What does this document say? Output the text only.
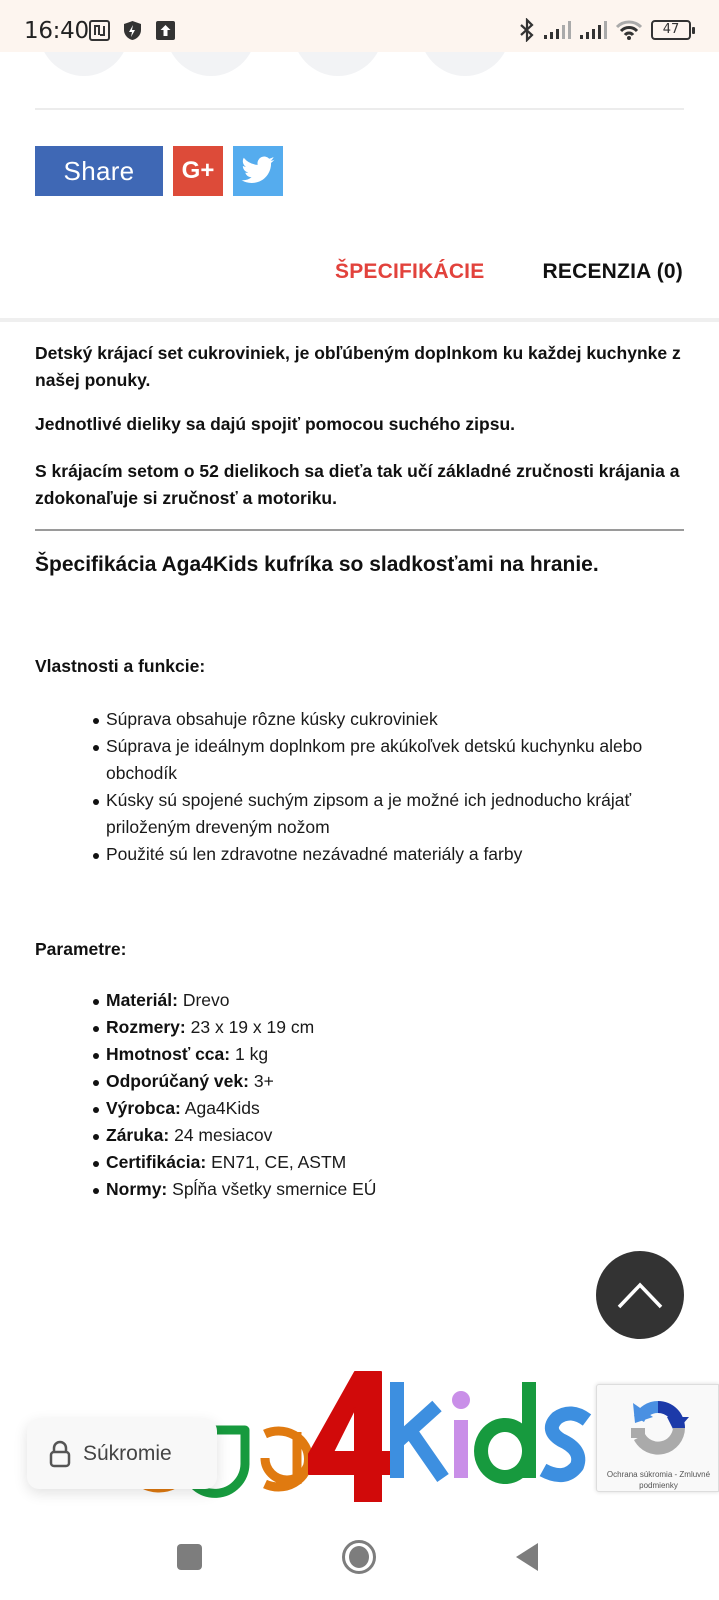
16:40	47
Share	G+
ŠPECIFIKÁCIE	RECENZIA (0)

Detský krájací set cukroviniek, je obľúbeným doplnkom ku každej kuchynke z našej ponuky.

Jednotlivé dieliky sa dajú spojiť pomocou suchého zipsu.

S krájacím setom o 52 dielikoch sa dieťa tak učí základné zručnosti krájania a zdokonaľuje si zručnosť a motoriku.

Špecifikácia Aga4Kids kufríka so sladkosťami na hranie.
Vlastnosti a funkcie:
Súprava obsahuje rôzne kúsky cukroviniek
Súprava je ideálnym doplnkom pre akúkoľvek detskú kuchynku alebo obchodík
Kúsky sú spojené suchým zipsom a je možné ich jednoducho krájať priloženým dreveným nožom
Použité sú len zdravotne nezávadné materiály a farby
Parametre:
Materiál: Drevo
Rozmery: 23 x 19 x 19 cm
Hmotnosť cca: 1 kg
Odporúčaný vek: 3+
Výrobca: Aga4Kids
Záruka: 24 mesiacov
Certifikácia: EN71, CE, ASTM
Normy: Spĺňa všetky smernice EÚ
Súkromie
Ochrana súkromia - Zmluvné podmienky
